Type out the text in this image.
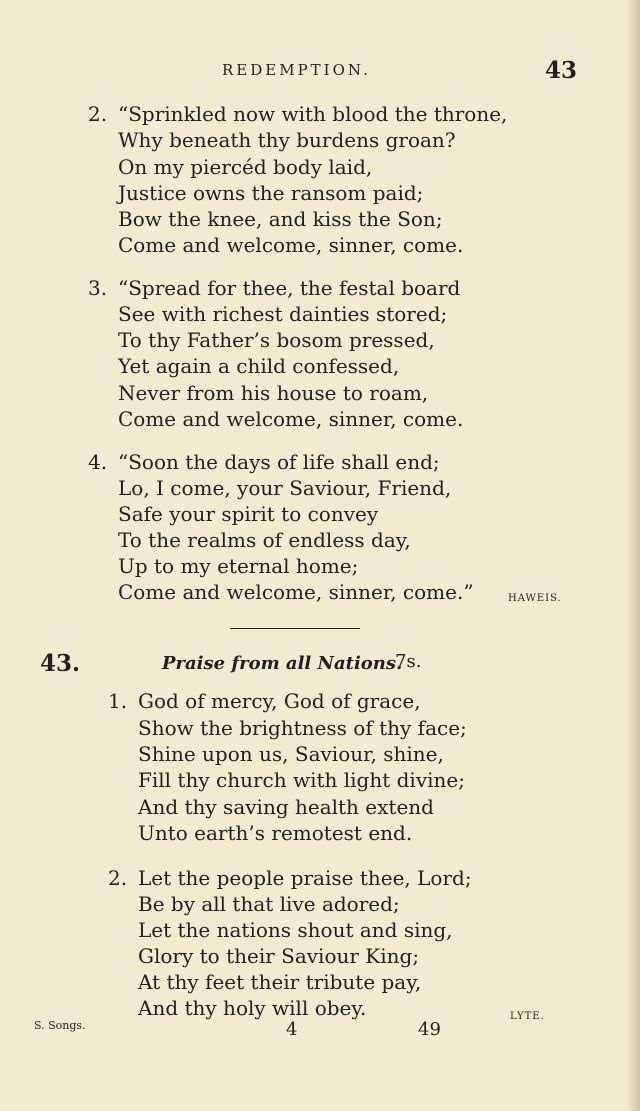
REDEMPTION.	43
2. “Sprinkled now with blood the throne,
Why beneath thy burdens groan?
On my piercéd body laid,
Justice owns the ransom paid;
Bow the knee, and kiss the Son;
Come and welcome, sinner, come.
3. “Spread for thee, the festal board
See with richest dainties stored;
To thy Father’s bosom pressed,
Yet again a child confessed,
Never from his house to roam,
Come and welcome, sinner, come.
4. “Soon the days of life shall end;
Lo, I come, your Saviour, Friend,
Safe your spirit to convey
To the realms of endless day,
Up to my eternal home;
Come and welcome, sinner, come.”	HAWEIS.
43.	Praise from all Nations.
7s.
1. God of mercy, God of grace,
Show the brightness of thy face;
Shine upon us, Saviour, shine,
Fill thy church with light divine;
And thy saving health extend
Unto earth’s remotest end.
2. Let the people praise thee, Lord;
Be by all that live adored;
Let the nations shout and sing,
Glory to their Saviour King;
At thy feet their tribute pay,
And thy holy will obey.	LYTE.
S. Songs.	4	49
